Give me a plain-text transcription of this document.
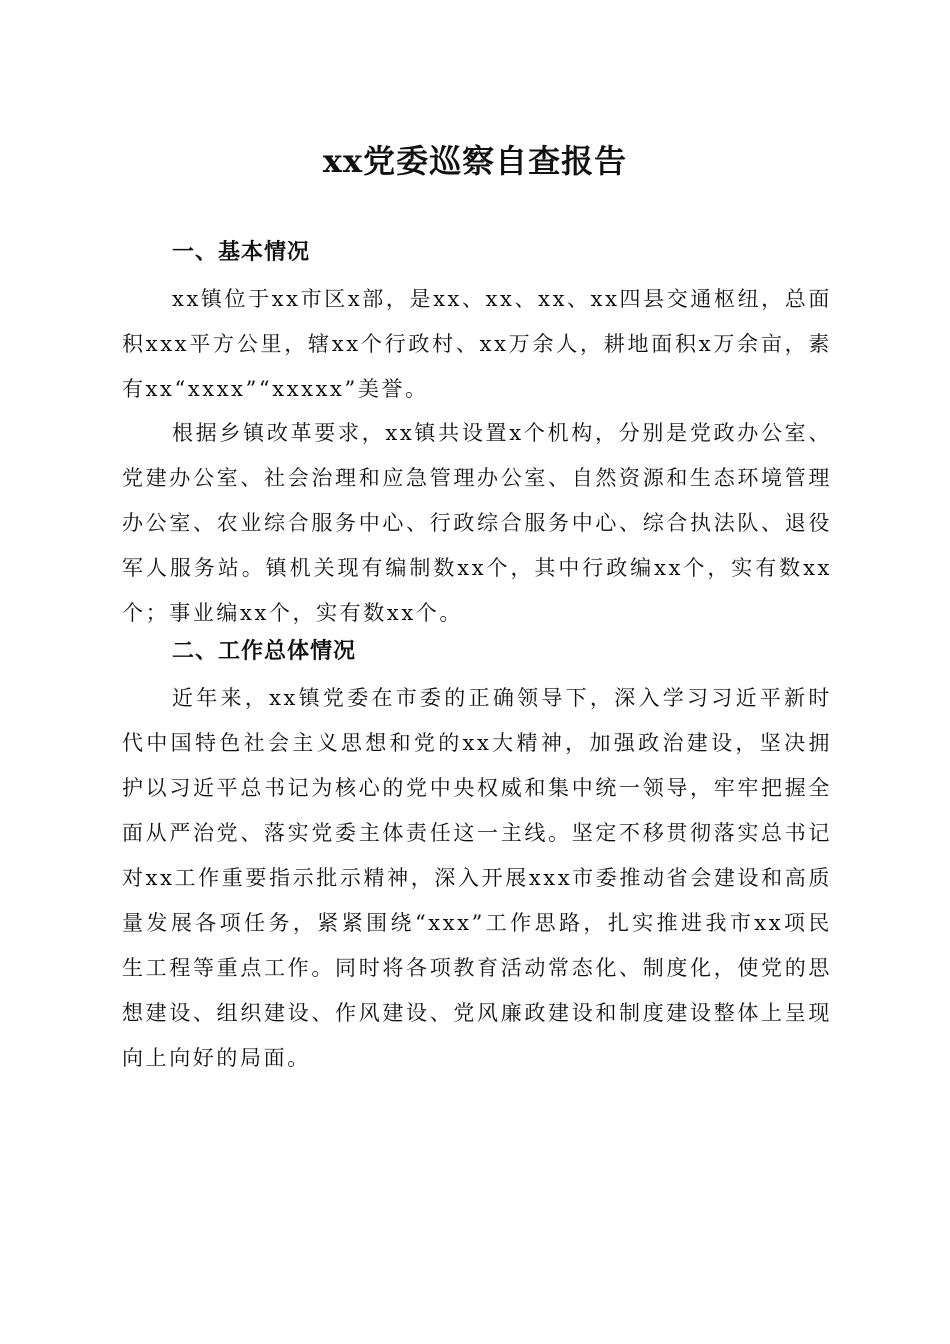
xx党委巡察自查报告
一、基本情况

xx镇位于xx市区x部，是xx、xx、xx、xx四县交通枢纽，总面积xxx平方公里，辖xx个行政村、xx万余人，耕地面积x万余亩，素有xx“xxxx”“xxxxx”美誉。

根据乡镇改革要求，xx镇共设置x个机构，分别是党政办公室、党建办公室、社会治理和应急管理办公室、自然资源和生态环境管理办公室、农业综合服务中心、行政综合服务中心、综合执法队、退役军人服务站。镇机关现有编制数xx个，其中行政编xx个，实有数xx个；事业编xx个，实有数xx个。

二、工作总体情况

近年来，xx镇党委在市委的正确领导下，深入学习习近平新时代中国特色社会主义思想和党的xx大精神，加强政治建设，坚决拥护以习近平总书记为核心的党中央权威和集中统一领导，牢牢把握全面从严治党、落实党委主体责任这一主线。坚定不移贯彻落实总书记对xx工作重要指示批示精神，深入开展xxx市委推动省会建设和高质量发展各项任务，紧紧围绕“xxx”工作思路，扎实推进我市xx项民生工程等重点工作。同时将各项教育活动常态化、制度化，使党的思想建设、组织建设、作风建设、党风廉政建设和制度建设整体上呈现向上向好的局面。
